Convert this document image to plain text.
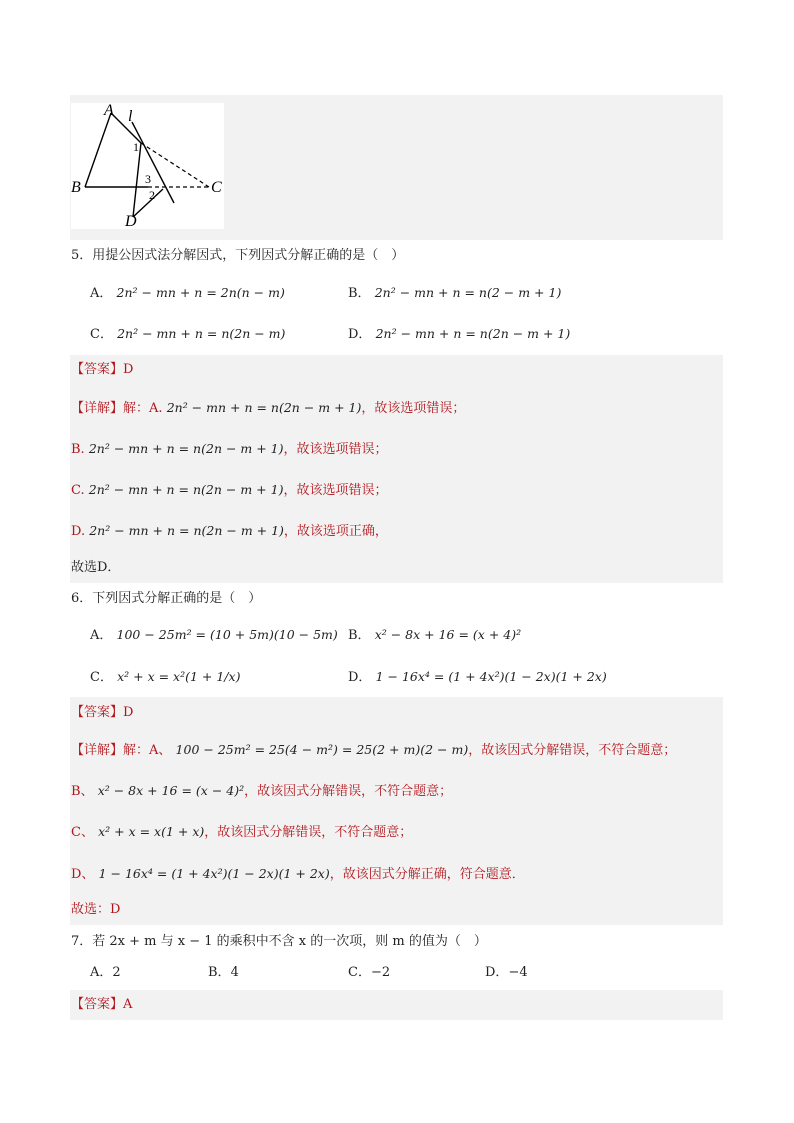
A l
1
B	3	C
2
D
5．用提公因式法分解因式，下列因式分解正确的是（　）
A． 2n² − mn + n = 2n(n − m)	B． 2n² − mn + n = n(2 − m + 1)
C． 2n² − mn + n = n(2n − m)	D． 2n² − mn + n = n(2n − m + 1)
【答案】D
【详解】解：A. 2n² − mn + n = n(2n − m + 1)，故该选项错误；
B. 2n² − mn + n = n(2n − m + 1)，故该选项错误；
C. 2n² − mn + n = n(2n − m + 1)，故该选项错误；
D. 2n² − mn + n = n(2n − m + 1)，故该选项正确，
故选D．
6．下列因式分解正确的是（　）
A． 100 − 25m² = (10 + 5m)(10 − 5m) B． x² − 8x + 16 = (x + 4)²
C． x² + x = x²(1 + 1/x)	D． 1 − 16x⁴ = (1 + 4x²)(1 − 2x)(1 + 2x)
【答案】D
【详解】解：A、 100 − 25m² = 25(4 − m²) = 25(2 + m)(2 − m)，故该因式分解错误，不符合题意；
B、 x² − 8x + 16 = (x − 4)²，故该因式分解错误，不符合题意；
C、 x² + x = x(1 + x)，故该因式分解错误，不符合题意；
D、 1 − 16x⁴ = (1 + 4x²)(1 − 2x)(1 + 2x)，故该因式分解正确，符合题意．
故选：D
7．若 2x + m 与 x − 1 的乘积中不含 x 的一次项，则 m 的值为（　）
A．2	B．4	C．−2	D．−4
【答案】A
